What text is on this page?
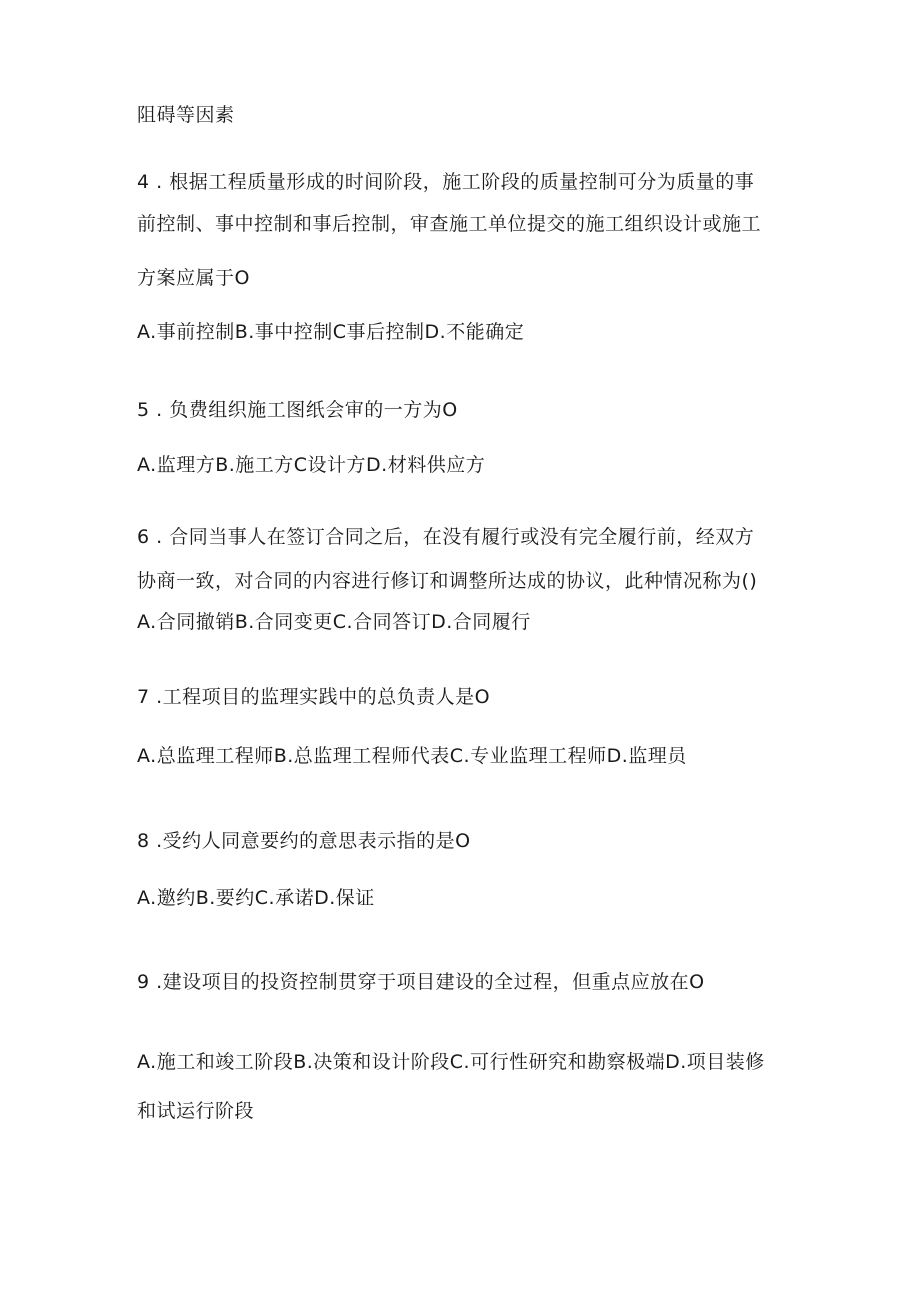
阻碍等因素
4 . 根据工程质量形成的时间阶段，施工阶段的质量控制可分为质量的事
前控制、事中控制和事后控制，审查施工单位提交的施工组织设计或施工
方案应属于O
A.事前控制B.事中控制C事后控制D.不能确定
5 . 负费组织施工图纸会审的一方为O
A.监理方B.施工方C设计方D.材料供应方
6 . 合同当事人在签订合同之后，在没有履行或没有完全履行前，经双方
协商一致，对合同的内容进行修订和调整所达成的协议，此种情况称为()
A.合同撤销B.合同变更C.合同答订D.合同履行
7 .工程项目的监理实践中的总负责人是O
A.总监理工程师B.总监理工程师代表C.专业监理工程师D.监理员
8 .受约人同意要约的意思表示指的是O
A.邀约B.要约C.承诺D.保证
9 .建设项目的投资控制贯穿于项目建设的全过程，但重点应放在O
A.施工和竣工阶段B.决策和设计阶段C.可行性研究和勘察极端D.项目装修
和试运行阶段
